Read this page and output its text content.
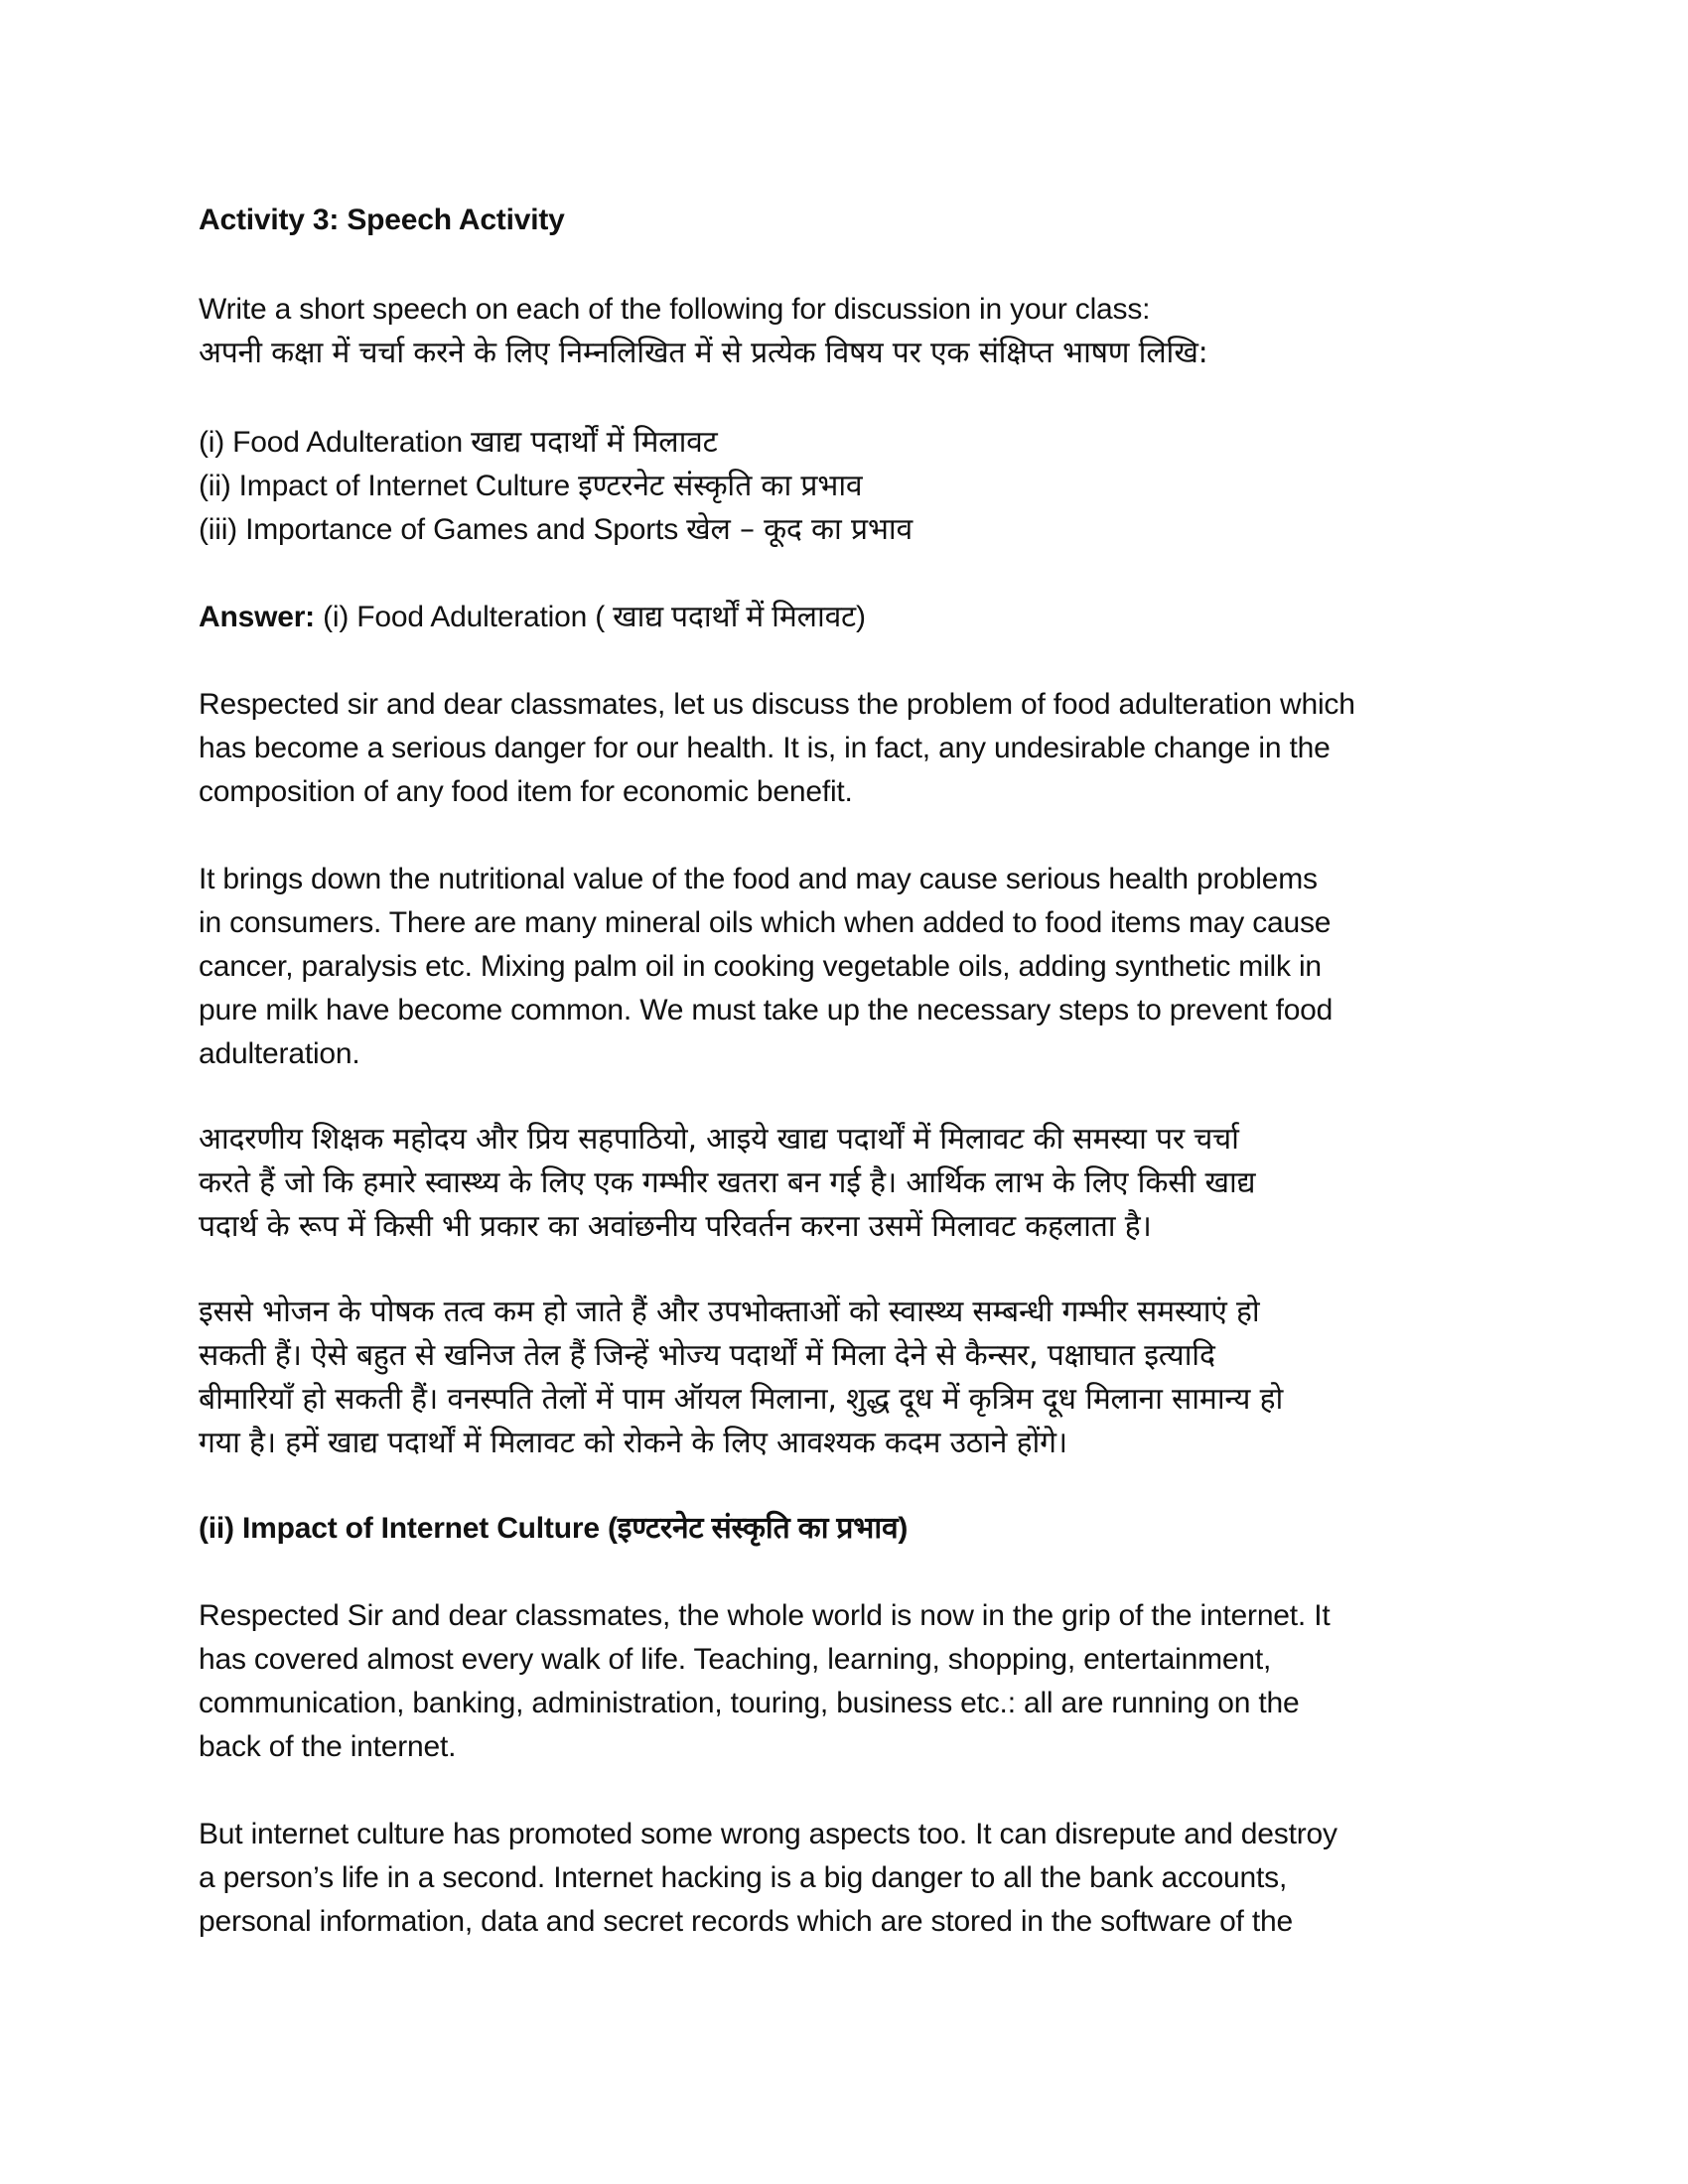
Activity 3: Speech Activity
Write a short speech on each of the following for discussion in your class:
अपनी कक्षा में चर्चा करने के लिए निम्नलिखित में से प्रत्येक विषय पर एक संक्षिप्त भाषण लिखि:
(i) Food Adulteration खाद्य पदार्थों में मिलावट
(ii) Impact of Internet Culture इण्टरनेट संस्कृति का प्रभाव
(iii) Importance of Games and Sports खेल – कूद का प्रभाव
Answer: (i) Food Adulteration ( खाद्य पदार्थों में मिलावट)
Respected sir and dear classmates, let us discuss the problem of food adulteration which
has become a serious danger for our health. It is, in fact, any undesirable change in the
composition of any food item for economic benefit.
It brings down the nutritional value of the food and may cause serious health problems
in consumers. There are many mineral oils which when added to food items may cause
cancer, paralysis etc. Mixing palm oil in cooking vegetable oils, adding synthetic milk in
pure milk have become common. We must take up the necessary steps to prevent food
adulteration.
आदरणीय शिक्षक महोदय और प्रिय सहपाठियो, आइये खाद्य पदार्थों में मिलावट की समस्या पर चर्चा
करते हैं जो कि हमारे स्वास्थ्य के लिए एक गम्भीर खतरा बन गई है। आर्थिक लाभ के लिए किसी खाद्य
पदार्थ के रूप में किसी भी प्रकार का अवांछनीय परिवर्तन करना उसमें मिलावट कहलाता है।
इससे भोजन के पोषक तत्व कम हो जाते हैं और उपभोक्ताओं को स्वास्थ्य सम्बन्धी गम्भीर समस्याएं हो
सकती हैं। ऐसे बहुत से खनिज तेल हैं जिन्हें भोज्य पदार्थों में मिला देने से कैन्सर, पक्षाघात इत्यादि
बीमारियाँ हो सकती हैं। वनस्पति तेलों में पाम ऑयल मिलाना, शुद्ध दूध में कृत्रिम दूध मिलाना सामान्य हो
गया है। हमें खाद्य पदार्थों में मिलावट को रोकने के लिए आवश्यक कदम उठाने होंगे।
(ii) Impact of Internet Culture (इण्टरनेट संस्कृति का प्रभाव)
Respected Sir and dear classmates, the whole world is now in the grip of the internet. It
has covered almost every walk of life. Teaching, learning, shopping, entertainment,
communication, banking, administration, touring, business etc.: all are running on the
back of the internet.
But internet culture has promoted some wrong aspects too. It can disrepute and destroy
a person’s life in a second. Internet hacking is a big danger to all the bank accounts,
personal information, data and secret records which are stored in the software of the
